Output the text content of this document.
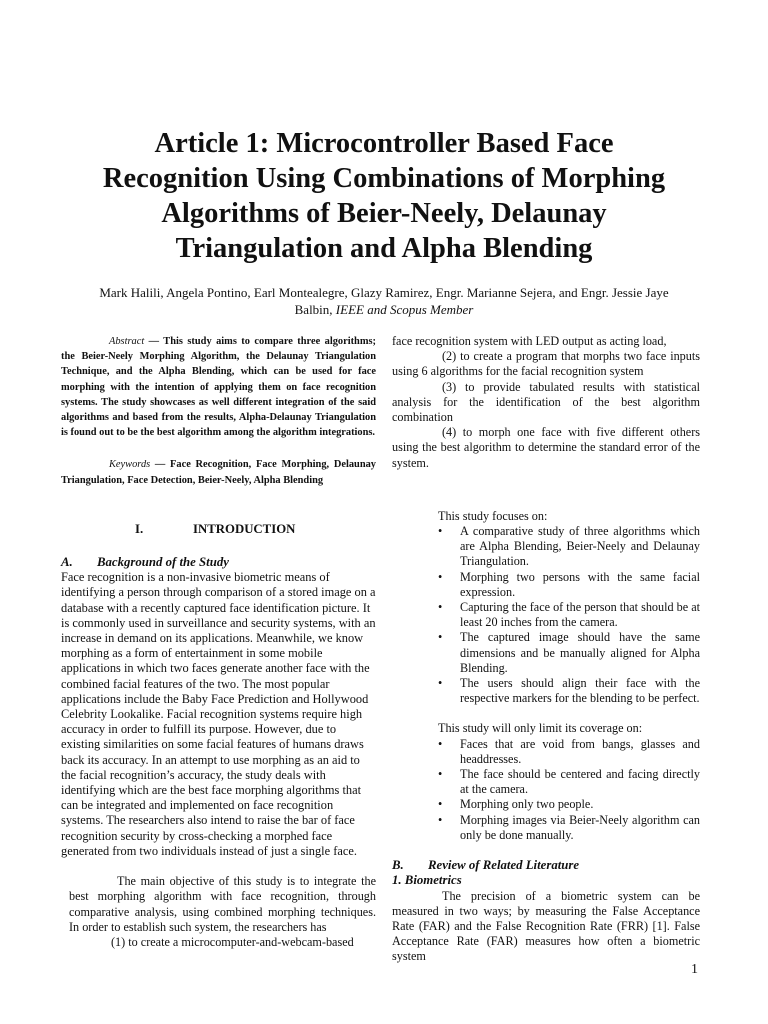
Article 1: Microcontroller Based Face
Recognition Using Combinations of Morphing
Algorithms of Beier-Neely, Delaunay
Triangulation and Alpha Blending
Mark Halili, Angela Pontino, Earl Montealegre, Glazy Ramirez, Engr. Marianne Sejera, and Engr. Jessie Jaye
Balbin, IEEE and Scopus Member

Abstract — This study aims to compare three algorithms; the Beier-Neely Morphing Algorithm, the Delaunay Triangulation Technique, and the Alpha Blending, which can be used for face morphing with the intention of applying them on face recognition systems. The study showcases as well different integration of the said algorithms and based from the results, Alpha-Delaunay Triangulation is found out to be the best algorithm among the algorithm integrations.

Keywords — Face Recognition, Face Morphing, Delaunay Triangulation, Face Detection, Beier-Neely, Alpha Blending

I.	INTRODUCTION

A. Background of the Study

Face recognition is a non-invasive biometric means of identifying a person through comparison of a stored image on a database with a recently captured face identification picture. It is commonly used in surveillance and security systems, with an increase in demand on its applications. Meanwhile, we know morphing as a form of entertainment in some mobile applications in which two faces generate another face with the combined facial features of the two. The most popular applications include the Baby Face Prediction and Hollywood Celebrity Lookalike. Facial recognition systems require high accuracy in order to fulfill its purpose. However, due to existing similarities on some facial features of humans draws back its accuracy. In an attempt to use morphing as an aid to the facial recognition’s accuracy, the study deals with identifying which are the best face morphing algorithms that can be integrated and implemented on face recognition systems. The researchers also intend to raise the bar of face recognition security by cross-checking a morphed face generated from two individuals instead of just a single face.

The main objective of this study is to integrate the best morphing algorithm with face recognition, through comparative analysis, using combined morphing techniques. In order to establish such system, the researchers has

(1) to create a microcomputer-and-webcam-based

face recognition system with LED output as acting load,

(2) to create a program that morphs two face inputs using 6 algorithms for the facial recognition system

(3) to provide tabulated results with statistical analysis for the identification of the best algorithm combination

(4) to morph one face with five different others using the best algorithm to determine the standard error of the system.

This study focuses on:

• A comparative study of three algorithms which are Alpha Blending, Beier-Neely and Delaunay Triangulation.
• Morphing two persons with the same facial expression.
• Capturing the face of the person that should be at least 20 inches from the camera.
• The captured image should have the same dimensions and be manually aligned for Alpha Blending.
• The users should align their face with the respective markers for the blending to be perfect.

This study will only limit its coverage on:

• Faces that are void from bangs, glasses and headdresses.
• The face should be centered and facing directly at the camera.
• Morphing only two people.
• Morphing images via Beier-Neely algorithm can only be done manually.

B. Review of Related Literature

1. Biometrics

The precision of a biometric system can be measured in two ways; by measuring the False Acceptance Rate (FAR) and the False Recognition Rate (FRR) [1]. False Acceptance Rate (FAR) measures how often a biometric system

1
